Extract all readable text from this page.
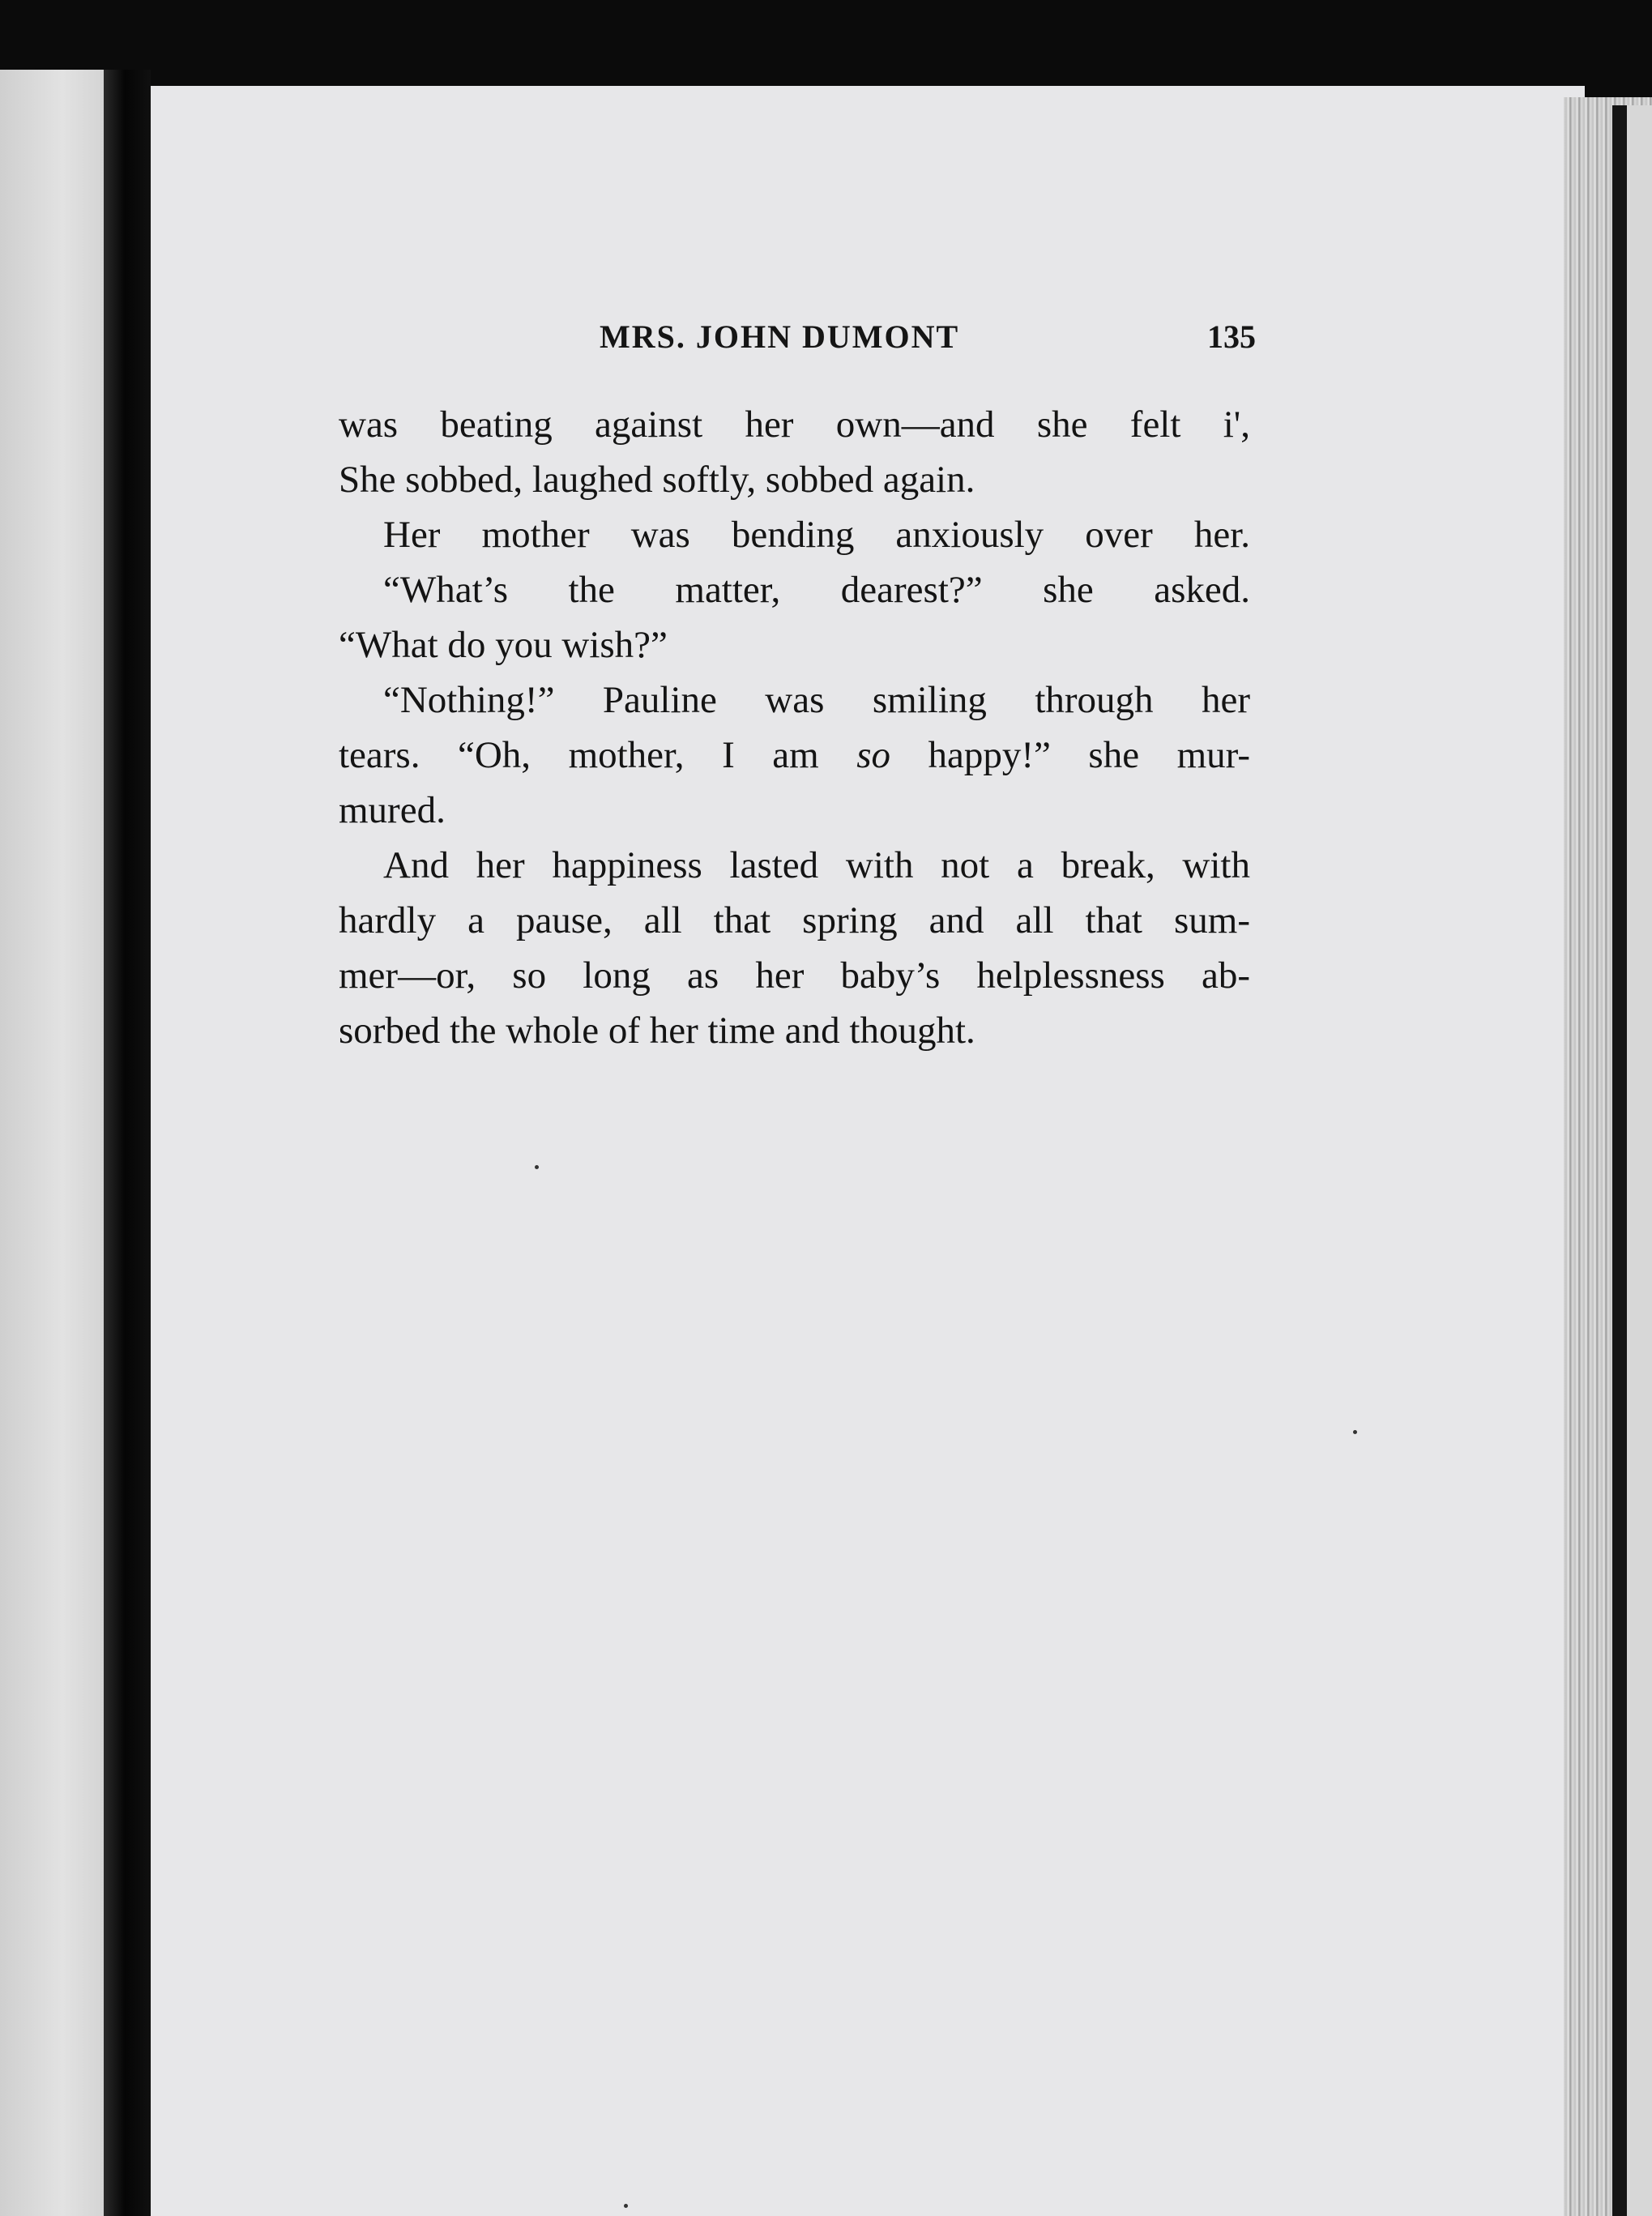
MRS. JOHN DUMONT	135
was beating against her own—and she felt i',
She sobbed, laughed softly, sobbed again.
Her mother was bending anxiously over her.
“What’s the matter, dearest?” she asked.
“What do you wish?”
“Nothing!” Pauline was smiling through her
tears. “Oh, mother, I am so happy!” she mur-
mured.
And her happiness lasted with not a break, with
hardly a pause, all that spring and all that sum-
mer—or, so long as her baby’s helplessness ab-
sorbed the whole of her time and thought.
